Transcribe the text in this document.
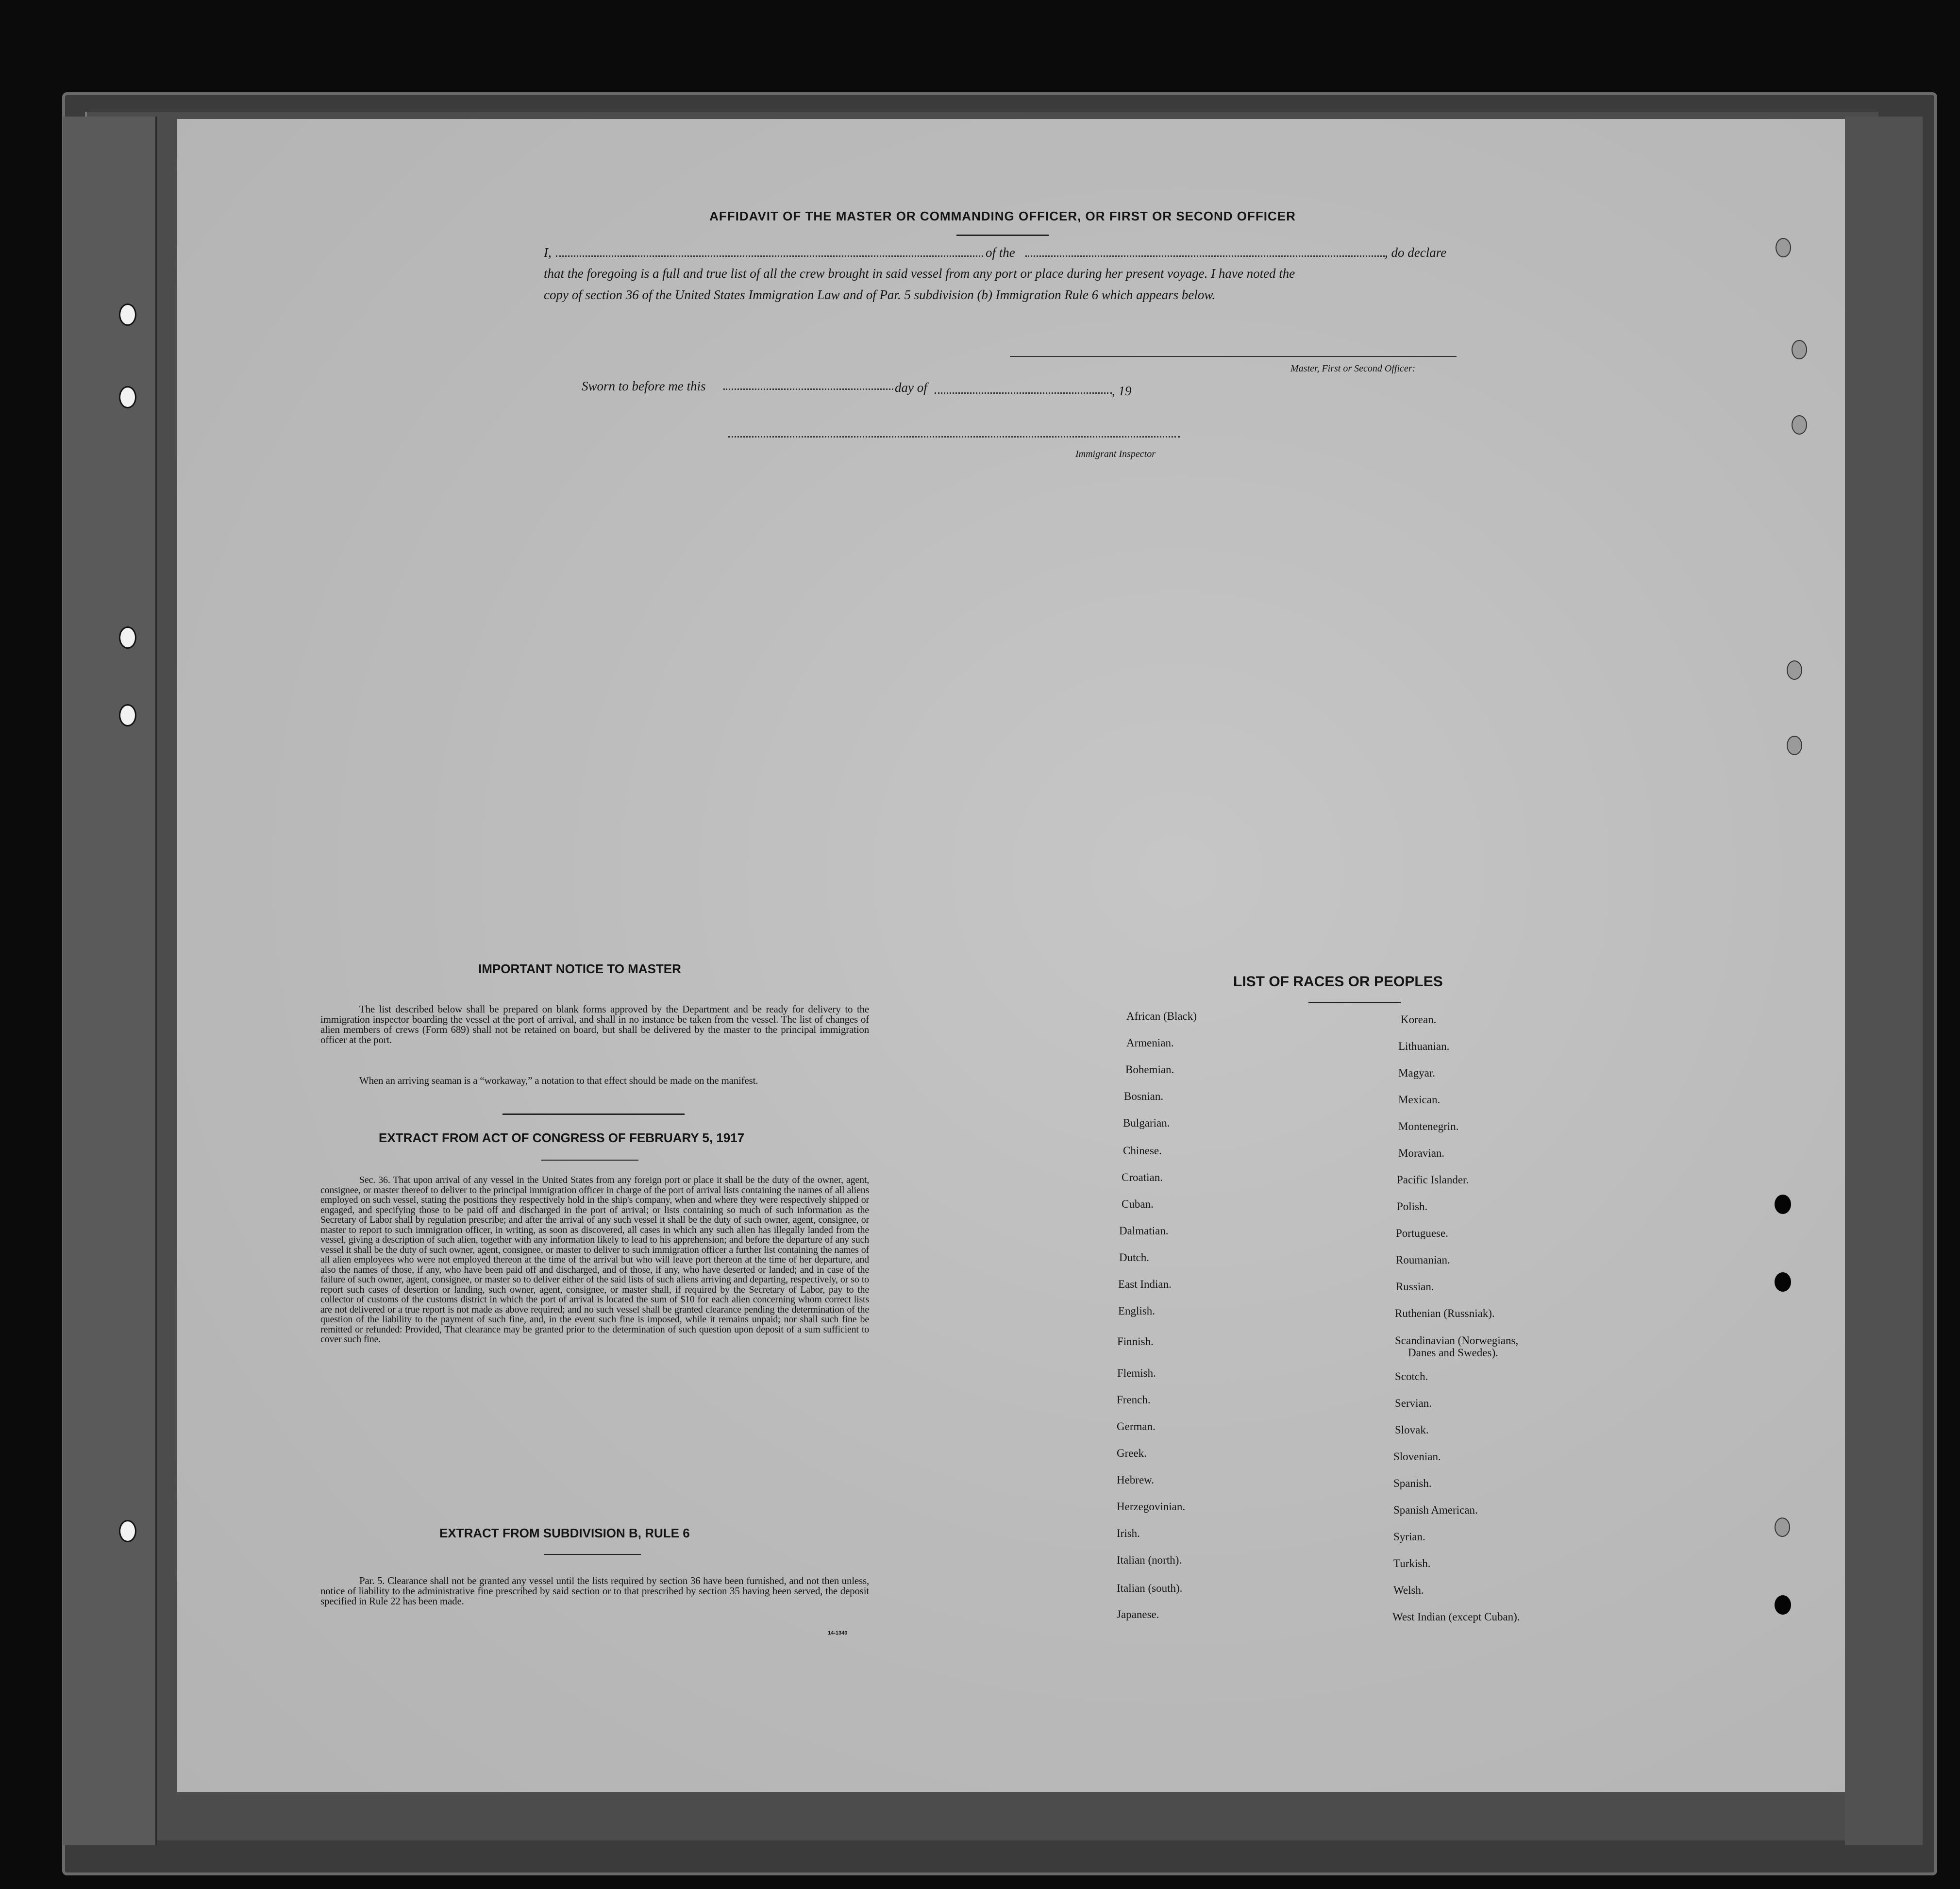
AFFIDAVIT OF THE MASTER OR COMMANDING OFFICER, OR FIRST OR SECOND OFFICER
I,	of the	, do declare
that the foregoing is a full and true list of all the crew brought in said vessel from any port or place during her present voyage. I have noted the
copy of section 36 of the United States Immigration Law and of Par. 5 subdivision (b) Immigration Rule 6 which appears below.
Master, First or Second Officer:
Sworn to before me this	day of	, 19
Immigrant Inspector
IMPORTANT NOTICE TO MASTER
The list described below shall be prepared on blank forms approved by the Department and be ready for delivery to the immigration inspector boarding the vessel at the port of arrival, and shall in no instance be taken from the vessel. The list of changes of alien members of crews (Form 689) shall not be retained on board, but shall be delivered by the master to the principal immigration officer at the port.
When an arriving seaman is a “workaway,” a notation to that effect should be made on the manifest.
EXTRACT FROM ACT OF CONGRESS OF FEBRUARY 5, 1917
Sec. 36. That upon arrival of any vessel in the United States from any foreign port or place it shall be the duty of the owner, agent, consignee, or master thereof to deliver to the principal immigration officer in charge of the port of arrival lists containing the names of all aliens employed on such vessel, stating the positions they respectively hold in the ship's company, when and where they were respectively shipped or engaged, and specifying those to be paid off and discharged in the port of arrival; or lists containing so much of such information as the Secretary of Labor shall by regulation prescribe; and after the arrival of any such vessel it shall be the duty of such owner, agent, consignee, or master to report to such immigration officer, in writing, as soon as discovered, all cases in which any such alien has illegally landed from the vessel, giving a description of such alien, together with any information likely to lead to his apprehension; and before the departure of any such vessel it shall be the duty of such owner, agent, consignee, or master to deliver to such immigration officer a further list containing the names of all alien employees who were not employed thereon at the time of the arrival but who will leave port thereon at the time of her departure, and also the names of those, if any, who have been paid off and discharged, and of those, if any, who have deserted or landed; and in case of the failure of such owner, agent, consignee, or master so to deliver either of the said lists of such aliens arriving and departing, respectively, or so to report such cases of desertion or landing, such owner, agent, consignee, or master shall, if required by the Secretary of Labor, pay to the collector of customs of the customs district in which the port of arrival is located the sum of $10 for each alien concerning whom correct lists are not delivered or a true report is not made as above required; and no such vessel shall be granted clearance pending the determination of the question of the liability to the payment of such fine, and, in the event such fine is imposed, while it remains unpaid; nor shall such fine be remitted or refunded: Provided, That clearance may be granted prior to the determination of such question upon deposit of a sum sufficient to cover such fine.
EXTRACT FROM SUBDIVISION B, RULE 6
Par. 5. Clearance shall not be granted any vessel until the lists required by section 36 have been furnished, and not then unless, notice of liability to the administrative fine prescribed by said section or to that prescribed by section 35 having been served, the deposit specified in Rule 22 has been made.
14-1340
LIST OF RACES OR PEOPLES
African (Black)
Armenian.
Bohemian.
Bosnian.
Bulgarian.
Chinese.
Croatian.
Cuban.
Dalmatian.
Dutch.
East Indian.
English.
Finnish.
Flemish.
French.
German.
Greek.
Hebrew.
Herzegovinian.
Irish.
Italian (north).
Italian (south).
Japanese.
Korean.
Lithuanian.
Magyar.
Mexican.
Montenegrin.
Moravian.
Pacific Islander.
Polish.
Portuguese.
Roumanian.
Russian.
Ruthenian (Russniak).
Scandinavian (Norwegians,
Danes and Swedes).
Scotch.
Servian.
Slovak.
Slovenian.
Spanish.
Spanish American.
Syrian.
Turkish.
Welsh.
West Indian (except Cuban).
